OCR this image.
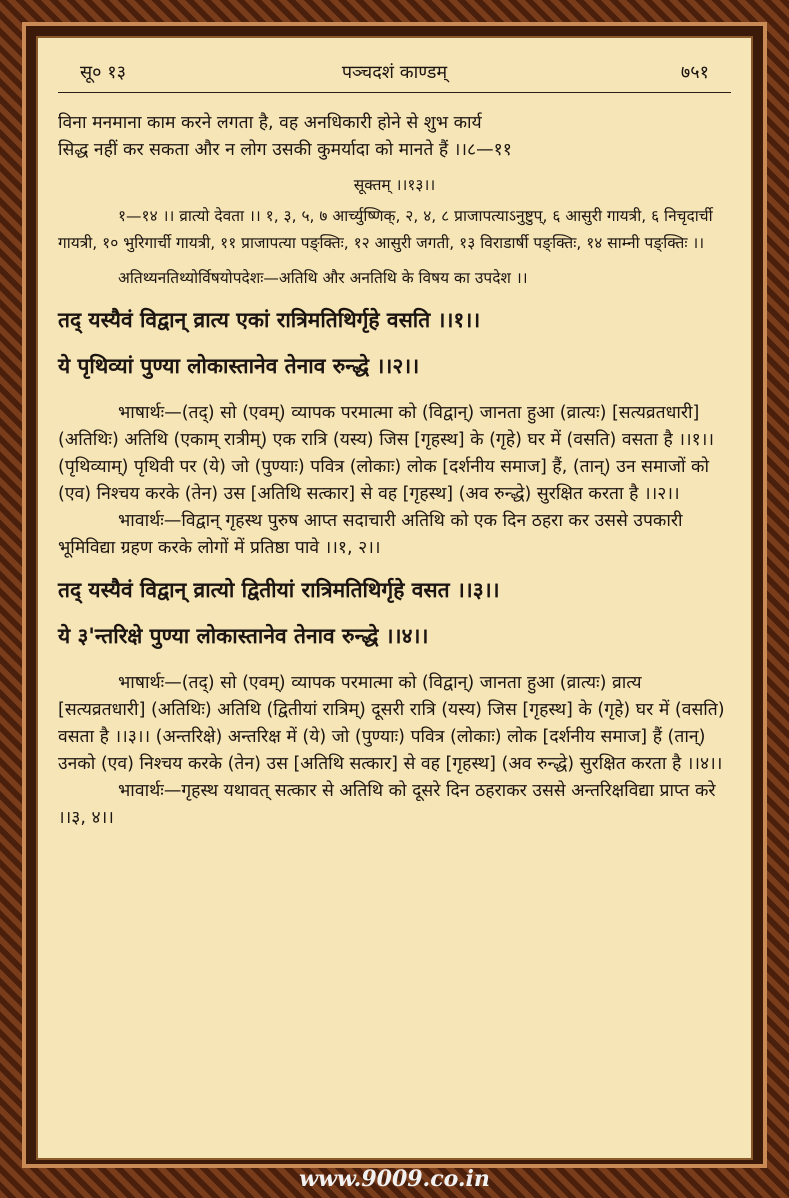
सू० १३	पञ्चदशं काण्डम्	७५१

विना मनमाना काम करने लगता है, वह अनधिकारी होने से शुभ कार्य

सिद्ध नहीं कर सकता और न लोग उसकी कुमर्यादा को मानते हैं ।।८—११

सूक्तम् ।।१३।।

१—१४ ।। व्रात्यो देवता ।। १, ३, ५, ७ आर्च्युष्णिक्, २, ४, ८ प्राजापत्याऽनुष्टुप्, ६ आसुरी गायत्री, ६ निचृदार्ची गायत्री, १० भुरिगार्ची गायत्री, ११ प्राजापत्या पङ्क्तिः, १२ आसुरी जगती, १३ विराडार्षी पङ्क्तिः, १४ साम्नी पङ्क्तिः ।।

अतिथ्यनतिथ्योर्विषयोपदेशः—अतिथि और अनतिथि के विषय का उपदेश ।।

तद् यस्यैवं विद्वान् व्रात्य एकां रात्रिमतिथिर्गृहे वसति ।।१।।

ये पृथिव्यां पुण्या लोकास्तानेव तेनाव रुन्द्धे ।।२।।

भाषार्थः—(तद्) सो (एवम्) व्यापक परमात्मा को (विद्वान्) जानता हुआ (व्रात्यः) [सत्यव्रतधारी] (अतिथिः) अतिथि (एकाम् रात्रीम्) एक रात्रि (यस्य) जिस [गृहस्थ] के (गृहे) घर में (वसति) वसता है ।।१।। (पृथिव्याम्) पृथिवी पर (ये) जो (पुण्याः) पवित्र (लोकाः) लोक [दर्शनीय समाज] हैं, (तान्) उन समाजों को (एव) निश्चय करके (तेन) उस [अतिथि सत्कार] से वह [गृहस्थ] (अव रुन्द्धे) सुरक्षित करता है ।।२।।

भावार्थः—विद्वान् गृहस्थ पुरुष आप्त सदाचारी अतिथि को एक दिन ठहरा कर उससे उपकारी भूमिविद्या ग्रहण करके लोगों में प्रतिष्ठा पावे ।।१, २।।

तद् यस्यैवं विद्वान् व्रात्यो द्वितीयां रात्रिमतिथिर्गृहे वसत ।।३।।

ये ३'न्तरिक्षे पुण्या लोकास्तानेव तेनाव रुन्द्धे ।।४।।

भाषार्थः—(तद्) सो (एवम्) व्यापक परमात्मा को (विद्वान्) जानता हुआ (व्रात्यः) व्रात्य [सत्यव्रतधारी] (अतिथिः) अतिथि (द्वितीयां रात्रिम्) दूसरी रात्रि (यस्य) जिस [गृहस्थ] के (गृहे) घर में (वसति) वसता है ।।३।। (अन्तरिक्षे) अन्तरिक्ष में (ये) जो (पुण्याः) पवित्र (लोकाः) लोक [दर्शनीय समाज] हैं (तान्) उनको (एव) निश्चय करके (तेन) उस [अतिथि सत्कार] से वह [गृहस्थ] (अव रुन्द्धे) सुरक्षित करता है ।।४।।

भावार्थः—गृहस्थ यथावत् सत्कार से अतिथि को दूसरे दिन ठहराकर उससे अन्तरिक्षविद्या प्राप्त करे ।।३, ४।।

www.9009.co.in
